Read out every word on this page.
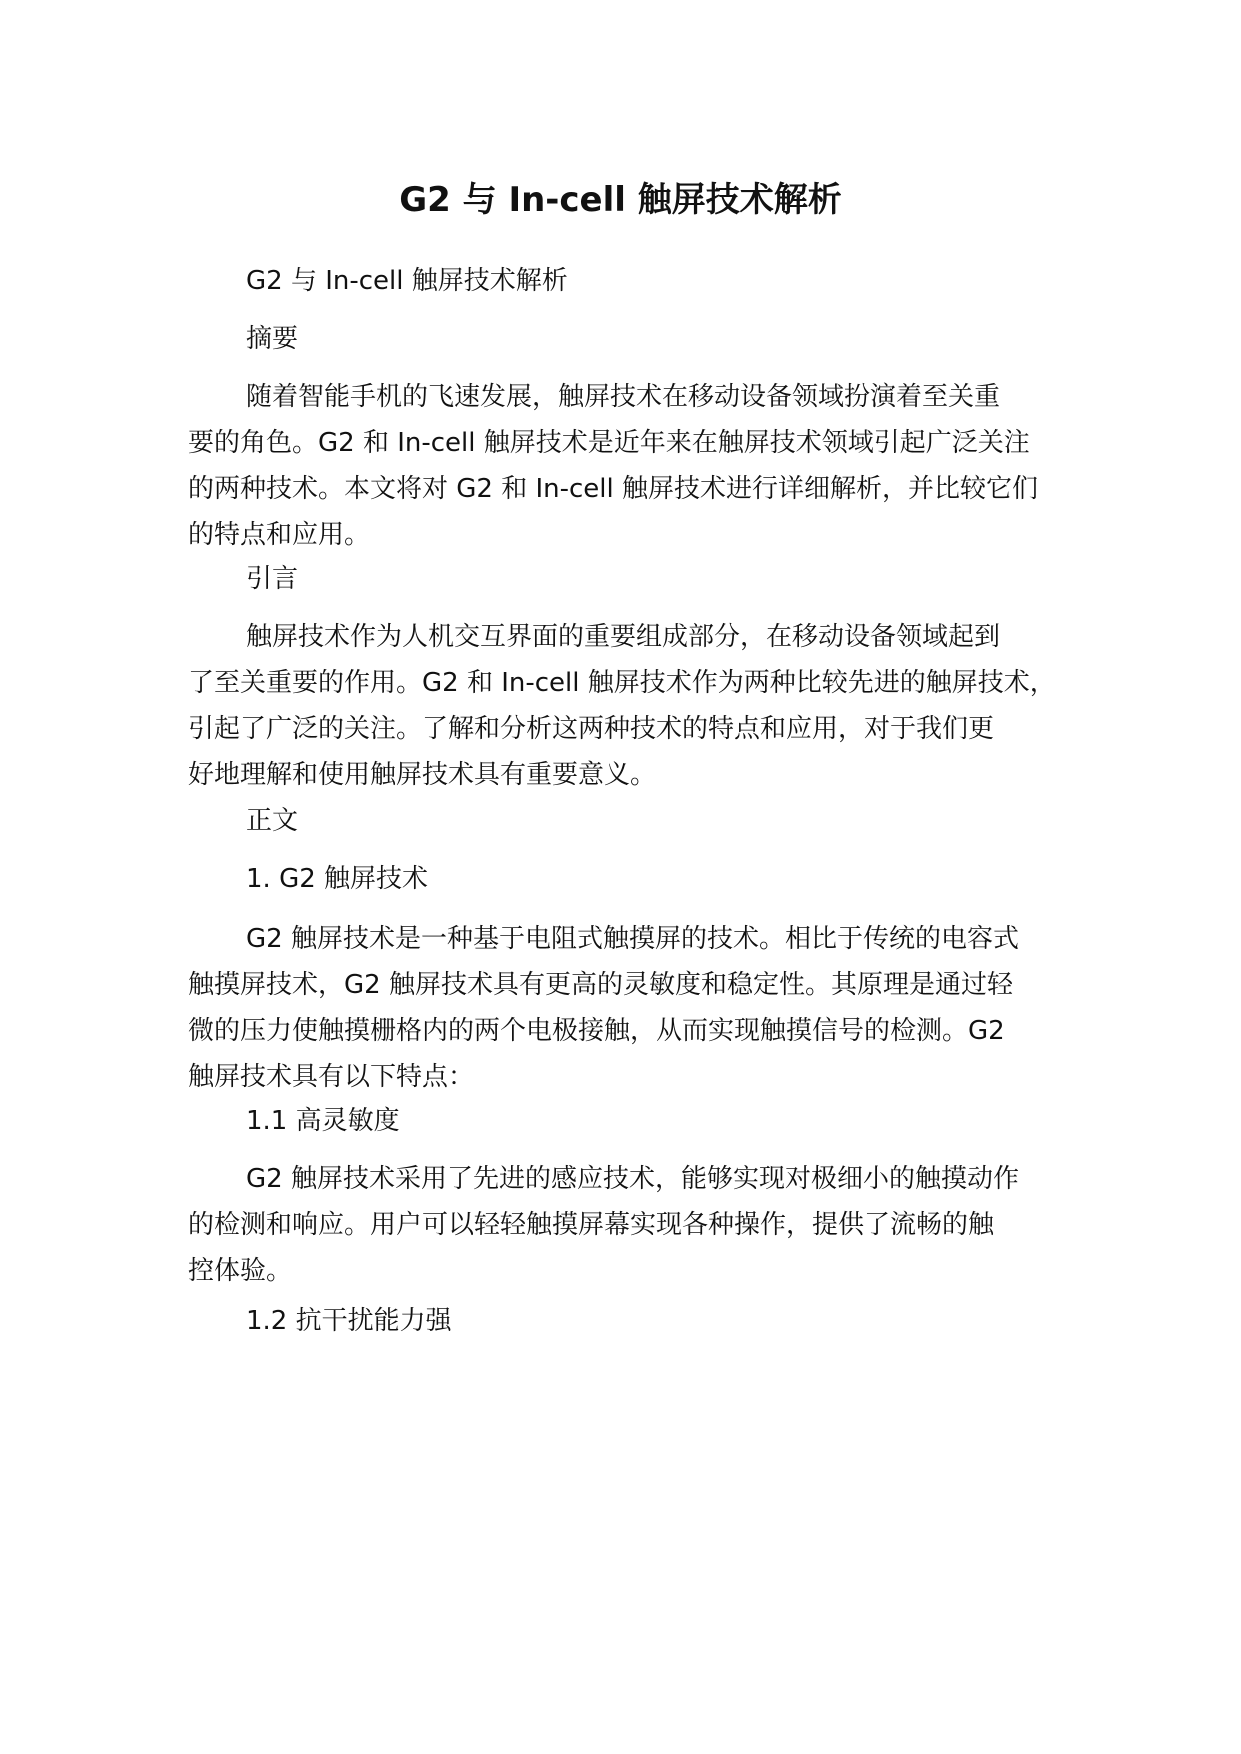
G2 与 In-cell 触屏技术解析

G2 与 In-cell 触屏技术解析

摘要

随着智能手机的飞速发展，触屏技术在移动设备领域扮演着至关重
要的角色。G2 和 In-cell 触屏技术是近年来在触屏技术领域引起广泛关注
的两种技术。本文将对 G2 和 In-cell 触屏技术进行详细解析，并比较它们
的特点和应用。

引言

触屏技术作为人机交互界面的重要组成部分，在移动设备领域起到
了至关重要的作用。G2 和 In-cell 触屏技术作为两种比较先进的触屏技术，
引起了广泛的关注。了解和分析这两种技术的特点和应用，对于我们更
好地理解和使用触屏技术具有重要意义。

正文

1. G2 触屏技术

G2 触屏技术是一种基于电阻式触摸屏的技术。相比于传统的电容式
触摸屏技术，G2 触屏技术具有更高的灵敏度和稳定性。其原理是通过轻
微的压力使触摸栅格内的两个电极接触，从而实现触摸信号的检测。G2
触屏技术具有以下特点：

1.1 高灵敏度

G2 触屏技术采用了先进的感应技术，能够实现对极细小的触摸动作
的检测和响应。用户可以轻轻触摸屏幕实现各种操作，提供了流畅的触
控体验。

1.2 抗干扰能力强
